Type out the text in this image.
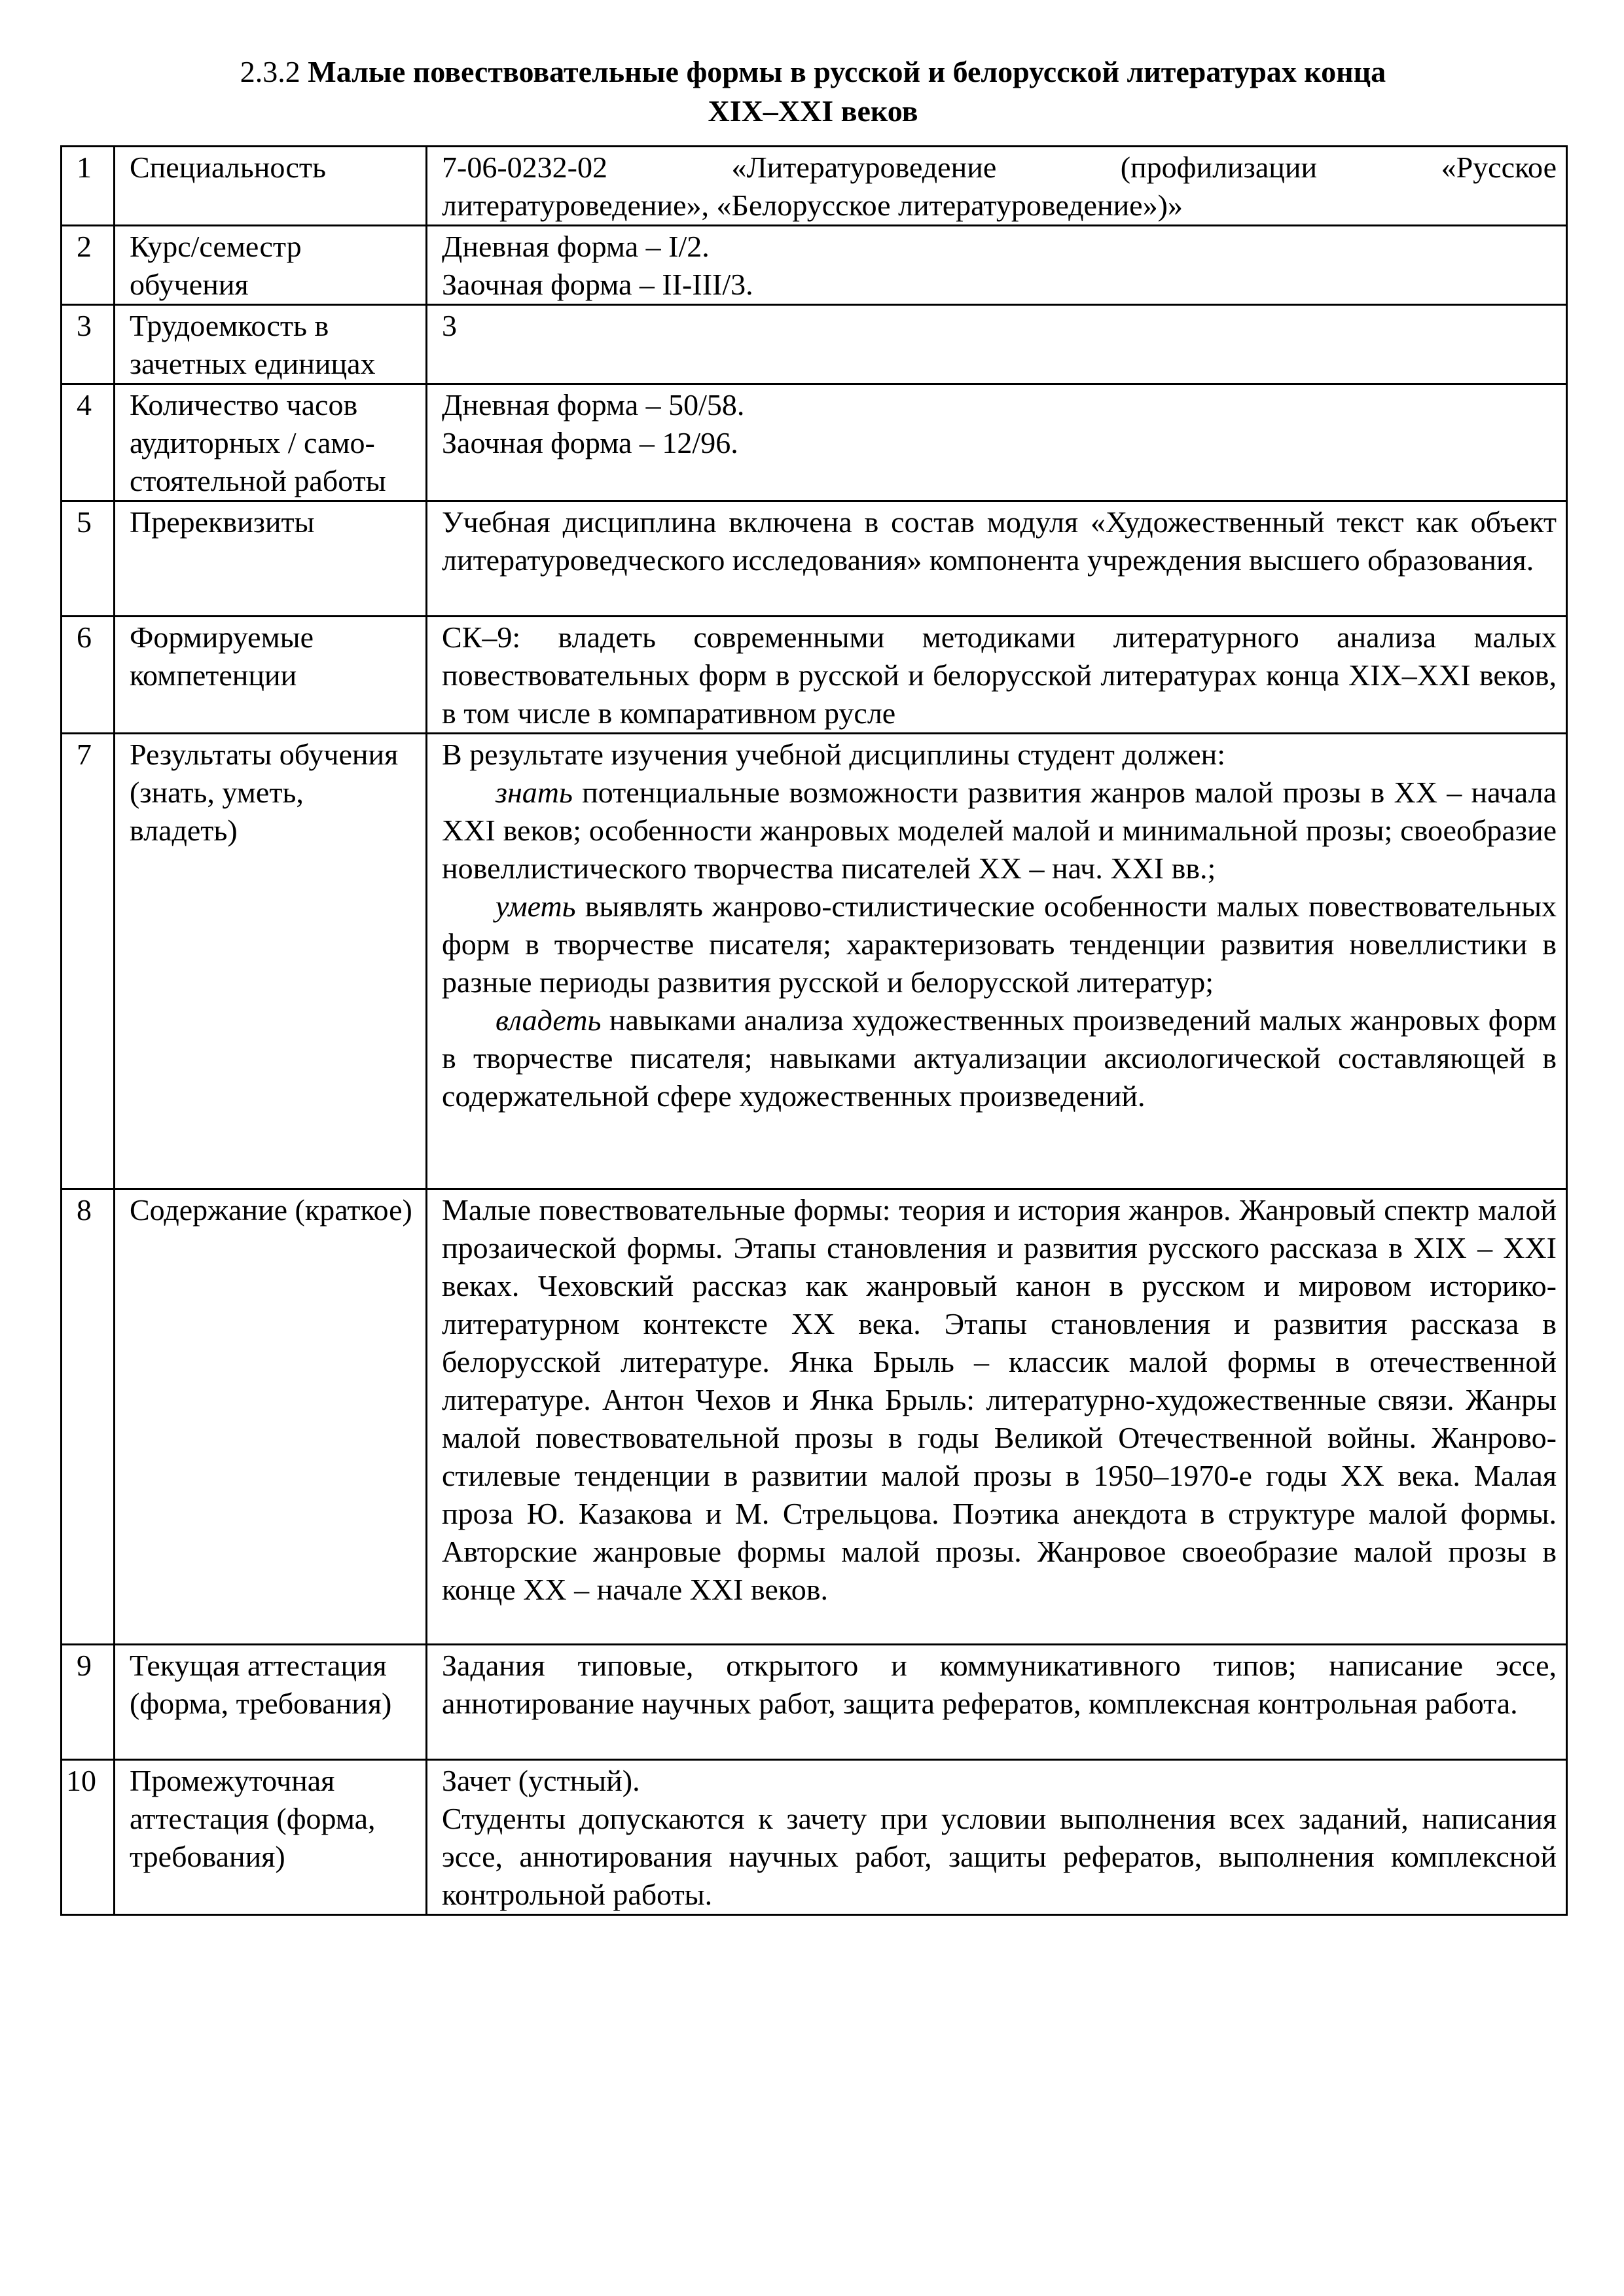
2.3.2 Малые повествовательные формы в русской и белорусской литературах конца
XIX–XXI веков
1	Специальность	7-06-0232-02 «Литературоведение (профилизации «Русское
литературоведение», «Белорусское литературоведение»)»

2	Курс/семестр обучения	Дневная форма – I/2.
Заочная форма – II-III/3.

3	Трудоемкость в зачетных единицах	3
4	Количество часов аудиторных / само-стоятельной работы	Дневная форма – 50/58.
Заочная форма – 12/96.

5	Пререквизиты	Учебная дисциплина включена в состав модуля «Художественный текст как объект литературоведческого исследования» компонента учреждения высшего образования.
6	Формируемые компетенции	СК–9: владеть современными методиками литературного анализа малых повествовательных форм в русской и белорусской литературах конца XIX–XXI веков, в том числе в компаративном русле
7	Результаты обучения (знать, уметь, владеть)	В результате изучения учебной дисциплины студент должен:

знать потенциальные возможности развития жанров малой прозы в XX – начала XXI веков; особенности жанровых моделей малой и минимальной прозы; своеобразие новеллистического творчества писателей XX – нач. XXI вв.;

уметь выявлять жанрово-стилистические особенности малых повествовательных форм в творчестве писателя; характеризовать тенденции развития новеллистики в разные периоды развития русской и белорусской литератур;

владеть навыками анализа художественных произведений малых жанровых форм в творчестве писателя; навыками актуализации аксиологической составляющей в содержательной сфере художественных произведений.

8	Содержание (краткое)	Малые повествовательные формы: теория и история жанров. Жанровый спектр малой прозаической формы. Этапы становления и развития русского рассказа в XIX – XXI веках. Чеховский рассказ как жанровый канон в русском и мировом историко-литературном контексте XX века. Этапы становления и развития рассказа в белорусской литературе. Янка Брыль – классик малой формы в отечественной литературе. Антон Чехов и Янка Брыль: литературно-художественные связи. Жанры малой повествовательной прозы в годы Великой Отечественной войны. Жанрово-стилевые тенденции в развитии малой прозы в 1950–1970-е годы XX века. Малая проза Ю. Казакова и М. Стрельцова. Поэтика анекдота в структуре малой формы. Авторские жанровые формы малой прозы. Жанровое своеобразие малой прозы в конце XX – начале XXI веков.
9	Текущая аттестация (форма, требования)	Задания типовые, открытого и коммуникативного типов; написание эссе, аннотирование научных работ, защита рефератов, комплексная контрольная работа.
10	Промежуточная аттестация (форма, требования)	Зачет (устный).

Студенты допускаются к зачету при условии выполнения всех заданий, написания эссе, аннотирования научных работ, защиты рефератов, выполнения комплексной контрольной работы.
